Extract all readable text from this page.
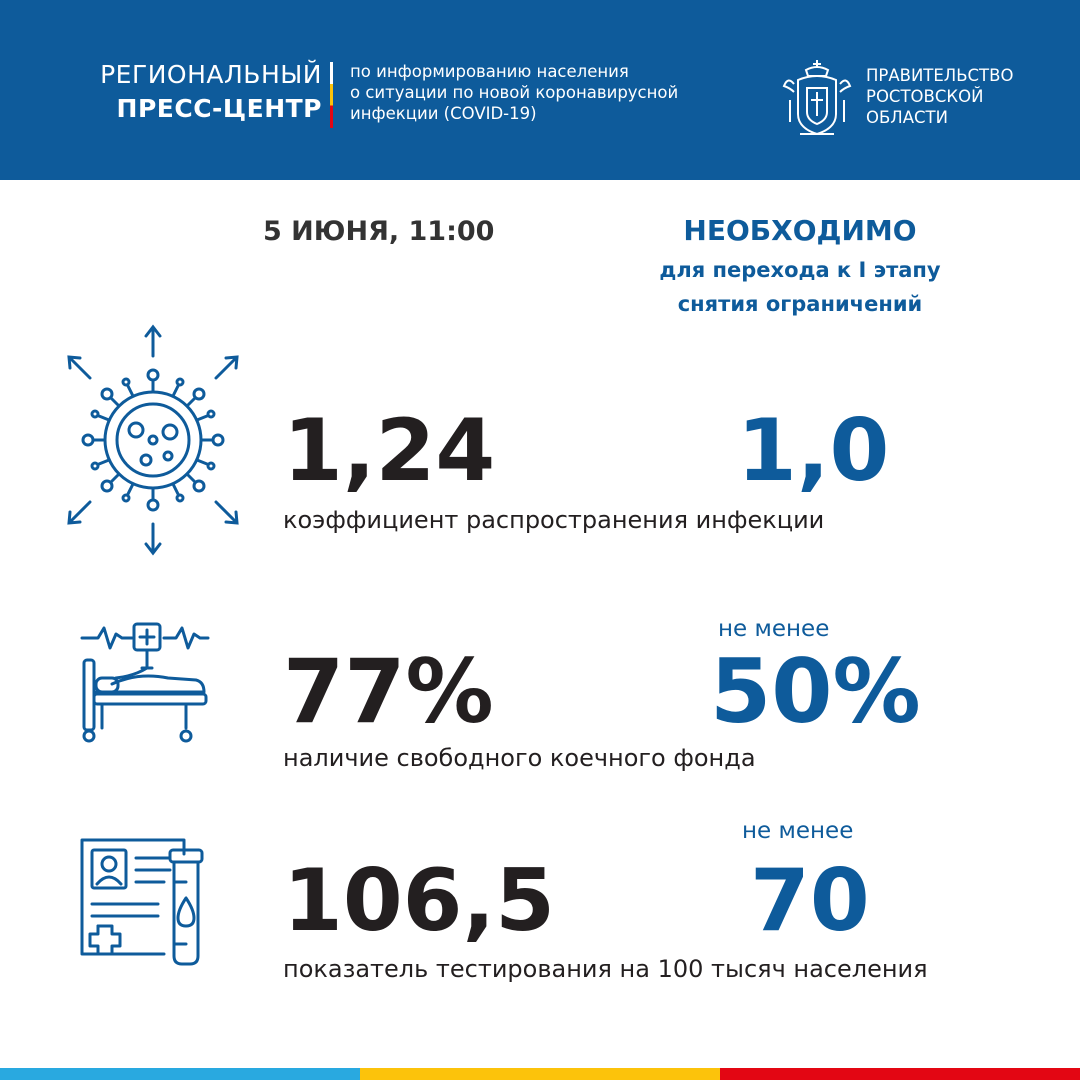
РЕГИОНАЛЬНЫЙ
ПРЕСС-ЦЕНТР
по информированию населения
о ситуации по новой коронавирусной
инфекции (COVID-19)
ПРАВИТЕЛЬСТВО
РОСТОВСКОЙ
ОБЛАСТИ
5 ИЮНЯ, 11:00	НЕОБХОДИМО
для перехода к I этапу
снятия ограничений
1,24	1,0
коэффициент распространения инфекции
не менее
77% 50%
наличие свободного коечного фонда
не менее
106,5 70
показатель тестирования на 100 тысяч населения
